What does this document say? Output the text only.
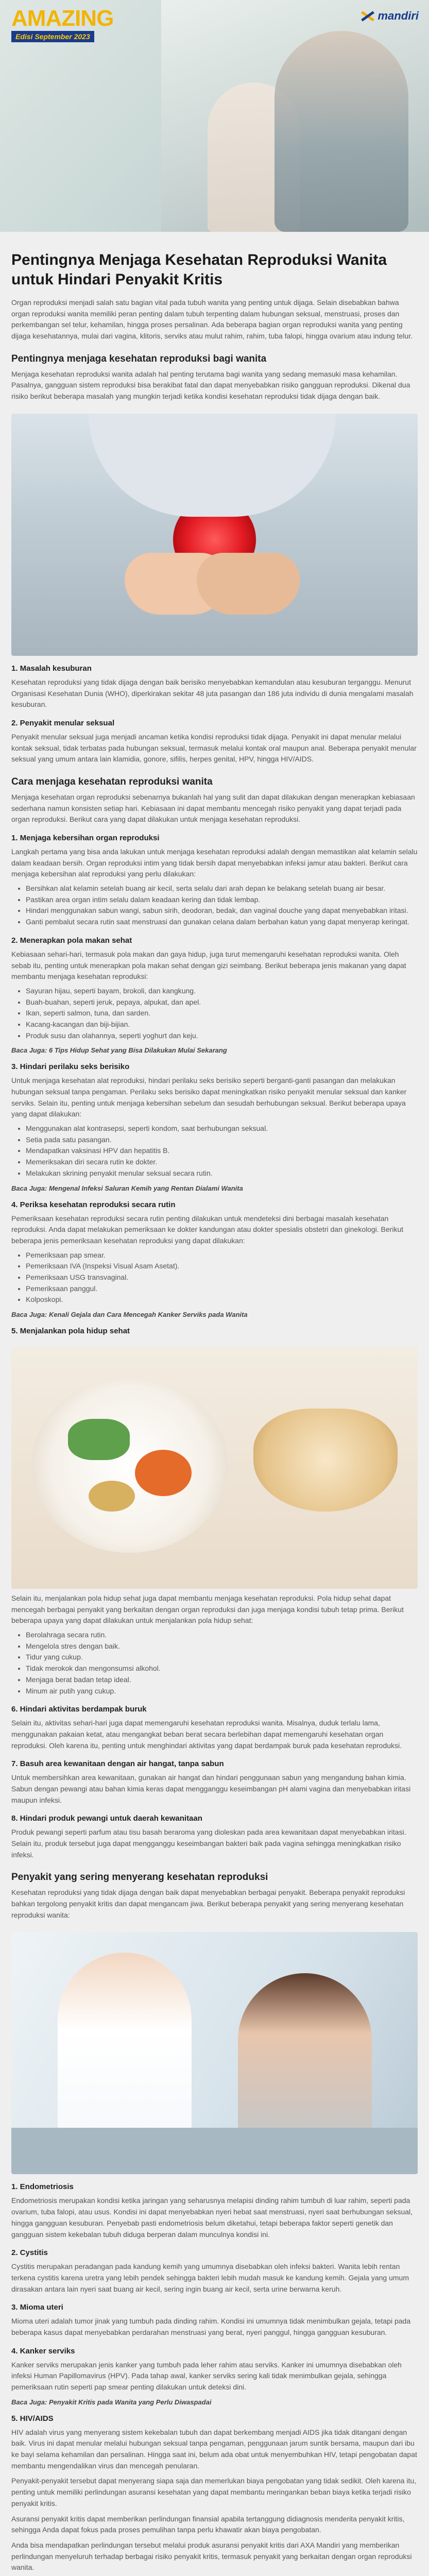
AMAZING
Edisi September 2023
mandiri
Pentingnya Menjaga Kesehatan Reproduksi Wanita untuk Hindari Penyakit Kritis

Organ reproduksi menjadi salah satu bagian vital pada tubuh wanita yang penting untuk dijaga. Selain disebabkan bahwa organ reproduksi wanita memiliki peran penting dalam tubuh terpenting dalam hubungan seksual, menstruasi, proses dan perkembangan sel telur, kehamilan, hingga proses persalinan. Ada beberapa bagian organ reproduksi wanita yang penting dijaga kesehatannya, mulai dari vagina, klitoris, serviks atau mulut rahim, rahim, tuba falopi, hingga ovarium atau indung telur.

Pentingnya menjaga kesehatan reproduksi bagi wanita

Menjaga kesehatan reproduksi wanita adalah hal penting terutama bagi wanita yang sedang memasuki masa kehamilan. Pasalnya, gangguan sistem reproduksi bisa berakibat fatal dan dapat menyebabkan risiko gangguan reproduksi. Dikenal dua risiko berikut beberapa masalah yang mungkin terjadi ketika kondisi kesehatan reproduksi tidak dijaga dengan baik.

1. Masalah kesuburan

Kesehatan reproduksi yang tidak dijaga dengan baik berisiko menyebabkan kemandulan atau kesuburan terganggu. Menurut Organisasi Kesehatan Dunia (WHO), diperkirakan sekitar 48 juta pasangan dan 186 juta individu di dunia mengalami masalah kesuburan.

2. Penyakit menular seksual

Penyakit menular seksual juga menjadi ancaman ketika kondisi reproduksi tidak dijaga. Penyakit ini dapat menular melalui kontak seksual, tidak terbatas pada hubungan seksual, termasuk melalui kontak oral maupun anal. Beberapa penyakit menular seksual yang umum antara lain klamidia, gonore, sifilis, herpes genital, HPV, hingga HIV/AIDS.

Cara menjaga kesehatan reproduksi wanita

Menjaga kesehatan organ reproduksi sebenarnya bukanlah hal yang sulit dan dapat dilakukan dengan menerapkan kebiasaan sederhana namun konsisten setiap hari. Kebiasaan ini dapat membantu mencegah risiko penyakit yang dapat terjadi pada organ reproduksi. Berikut cara yang dapat dilakukan untuk menjaga kesehatan reproduksi.

1. Menjaga kebersihan organ reproduksi

Langkah pertama yang bisa anda lakukan untuk menjaga kesehatan reproduksi adalah dengan memastikan alat kelamin selalu dalam keadaan bersih. Organ reproduksi intim yang tidak bersih dapat menyebabkan infeksi jamur atau bakteri. Berikut cara menjaga kebersihan alat reproduksi yang perlu dilakukan:

• Bersihkan alat kelamin setelah buang air kecil, serta selalu dari arah depan ke belakang setelah buang air besar.
• Pastikan area organ intim selalu dalam keadaan kering dan tidak lembap.
• Hindari menggunakan sabun wangi, sabun sirih, deodoran, bedak, dan vaginal douche yang dapat menyebabkan iritasi.
• Ganti pembalut secara rutin saat menstruasi dan gunakan celana dalam berbahan katun yang dapat menyerap keringat.
2. Menerapkan pola makan sehat

Kebiasaan sehari-hari, termasuk pola makan dan gaya hidup, juga turut memengaruhi kesehatan reproduksi wanita. Oleh sebab itu, penting untuk menerapkan pola makan sehat dengan gizi seimbang. Berikut beberapa jenis makanan yang dapat membantu menjaga kesehatan reproduksi:

• Sayuran hijau, seperti bayam, brokoli, dan kangkung.
• Buah-buahan, seperti jeruk, pepaya, alpukat, dan apel.
• Ikan, seperti salmon, tuna, dan sarden.
• Kacang-kacangan dan biji-bijian.
• Produk susu dan olahannya, seperti yoghurt dan keju.

Baca Juga: 6 Tips Hidup Sehat yang Bisa Dilakukan Mulai Sekarang

3. Hindari perilaku seks berisiko

Untuk menjaga kesehatan alat reproduksi, hindari perilaku seks berisiko seperti berganti-ganti pasangan dan melakukan hubungan seksual tanpa pengaman. Perilaku seks berisiko dapat meningkatkan risiko penyakit menular seksual dan kanker serviks. Selain itu, penting untuk menjaga kebersihan sebelum dan sesudah berhubungan seksual. Berikut beberapa upaya yang dapat dilakukan:

• Menggunakan alat kontrasepsi, seperti kondom, saat berhubungan seksual.
• Setia pada satu pasangan.
• Mendapatkan vaksinasi HPV dan hepatitis B.
• Memeriksakan diri secara rutin ke dokter.
• Melakukan skrining penyakit menular seksual secara rutin.

Baca Juga: Mengenal Infeksi Saluran Kemih yang Rentan Dialami Wanita

4. Periksa kesehatan reproduksi secara rutin

Pemeriksaan kesehatan reproduksi secara rutin penting dilakukan untuk mendeteksi dini berbagai masalah kesehatan reproduksi. Anda dapat melakukan pemeriksaan ke dokter kandungan atau dokter spesialis obstetri dan ginekologi. Berikut beberapa jenis pemeriksaan kesehatan reproduksi yang dapat dilakukan:

• Pemeriksaan pap smear.
• Pemeriksaan IVA (Inspeksi Visual Asam Asetat).
• Pemeriksaan USG transvaginal.
• Pemeriksaan panggul.
• Kolposkopi.

Baca Juga: Kenali Gejala dan Cara Mencegah Kanker Serviks pada Wanita

5. Menjalankan pola hidup sehat

Selain itu, menjalankan pola hidup sehat juga dapat membantu menjaga kesehatan reproduksi. Pola hidup sehat dapat mencegah berbagai penyakit yang berkaitan dengan organ reproduksi dan juga menjaga kondisi tubuh tetap prima. Berikut beberapa upaya yang dapat dilakukan untuk menjalankan pola hidup sehat:

• Berolahraga secara rutin.
• Mengelola stres dengan baik.
• Tidur yang cukup.
• Tidak merokok dan mengonsumsi alkohol.
• Menjaga berat badan tetap ideal.
• Minum air putih yang cukup.
6. Hindari aktivitas berdampak buruk

Selain itu, aktivitas sehari-hari juga dapat memengaruhi kesehatan reproduksi wanita. Misalnya, duduk terlalu lama, menggunakan pakaian ketat, atau mengangkat beban berat secara berlebihan dapat memengaruhi kesehatan organ reproduksi. Oleh karena itu, penting untuk menghindari aktivitas yang dapat berdampak buruk pada kesehatan reproduksi.

7. Basuh area kewanitaan dengan air hangat, tanpa sabun

Untuk membersihkan area kewanitaan, gunakan air hangat dan hindari penggunaan sabun yang mengandung bahan kimia. Sabun dengan pewangi atau bahan kimia keras dapat mengganggu keseimbangan pH alami vagina dan menyebabkan iritasi maupun infeksi.

8. Hindari produk pewangi untuk daerah kewanitaan

Produk pewangi seperti parfum atau tisu basah beraroma yang dioleskan pada area kewanitaan dapat menyebabkan iritasi. Selain itu, produk tersebut juga dapat mengganggu keseimbangan bakteri baik pada vagina sehingga meningkatkan risiko infeksi.

Penyakit yang sering menyerang kesehatan reproduksi

Kesehatan reproduksi yang tidak dijaga dengan baik dapat menyebabkan berbagai penyakit. Beberapa penyakit reproduksi bahkan tergolong penyakit kritis dan dapat mengancam jiwa. Berikut beberapa penyakit yang sering menyerang kesehatan reproduksi wanita:

1. Endometriosis

Endometriosis merupakan kondisi ketika jaringan yang seharusnya melapisi dinding rahim tumbuh di luar rahim, seperti pada ovarium, tuba falopi, atau usus. Kondisi ini dapat menyebabkan nyeri hebat saat menstruasi, nyeri saat berhubungan seksual, hingga gangguan kesuburan. Penyebab pasti endometriosis belum diketahui, tetapi beberapa faktor seperti genetik dan gangguan sistem kekebalan tubuh diduga berperan dalam munculnya kondisi ini.

2. Cystitis

Cystitis merupakan peradangan pada kandung kemih yang umumnya disebabkan oleh infeksi bakteri. Wanita lebih rentan terkena cystitis karena uretra yang lebih pendek sehingga bakteri lebih mudah masuk ke kandung kemih. Gejala yang umum dirasakan antara lain nyeri saat buang air kecil, sering ingin buang air kecil, serta urine berwarna keruh.

3. Mioma uteri

Mioma uteri adalah tumor jinak yang tumbuh pada dinding rahim. Kondisi ini umumnya tidak menimbulkan gejala, tetapi pada beberapa kasus dapat menyebabkan perdarahan menstruasi yang berat, nyeri panggul, hingga gangguan kesuburan.

4. Kanker serviks

Kanker serviks merupakan jenis kanker yang tumbuh pada leher rahim atau serviks. Kanker ini umumnya disebabkan oleh infeksi Human Papillomavirus (HPV). Pada tahap awal, kanker serviks sering kali tidak menimbulkan gejala, sehingga pemeriksaan rutin seperti pap smear penting dilakukan untuk deteksi dini.

Baca Juga: Penyakit Kritis pada Wanita yang Perlu Diwaspadai

5. HIV/AIDS

HIV adalah virus yang menyerang sistem kekebalan tubuh dan dapat berkembang menjadi AIDS jika tidak ditangani dengan baik. Virus ini dapat menular melalui hubungan seksual tanpa pengaman, penggunaan jarum suntik bersama, maupun dari ibu ke bayi selama kehamilan dan persalinan. Hingga saat ini, belum ada obat untuk menyembuhkan HIV, tetapi pengobatan dapat membantu mengendalikan virus dan mencegah penularan.

Penyakit-penyakit tersebut dapat menyerang siapa saja dan memerlukan biaya pengobatan yang tidak sedikit. Oleh karena itu, penting untuk memiliki perlindungan asuransi kesehatan yang dapat membantu meringankan beban biaya ketika terjadi risiko penyakit kritis.

Asuransi penyakit kritis dapat memberikan perlindungan finansial apabila tertanggung didiagnosis menderita penyakit kritis, sehingga Anda dapat fokus pada proses pemulihan tanpa perlu khawatir akan biaya pengobatan.

Anda bisa mendapatkan perlindungan tersebut melalui produk asuransi penyakit kritis dari AXA Mandiri yang memberikan perlindungan menyeluruh terhadap berbagai risiko penyakit kritis, termasuk penyakit yang berkaitan dengan organ reproduksi wanita.
